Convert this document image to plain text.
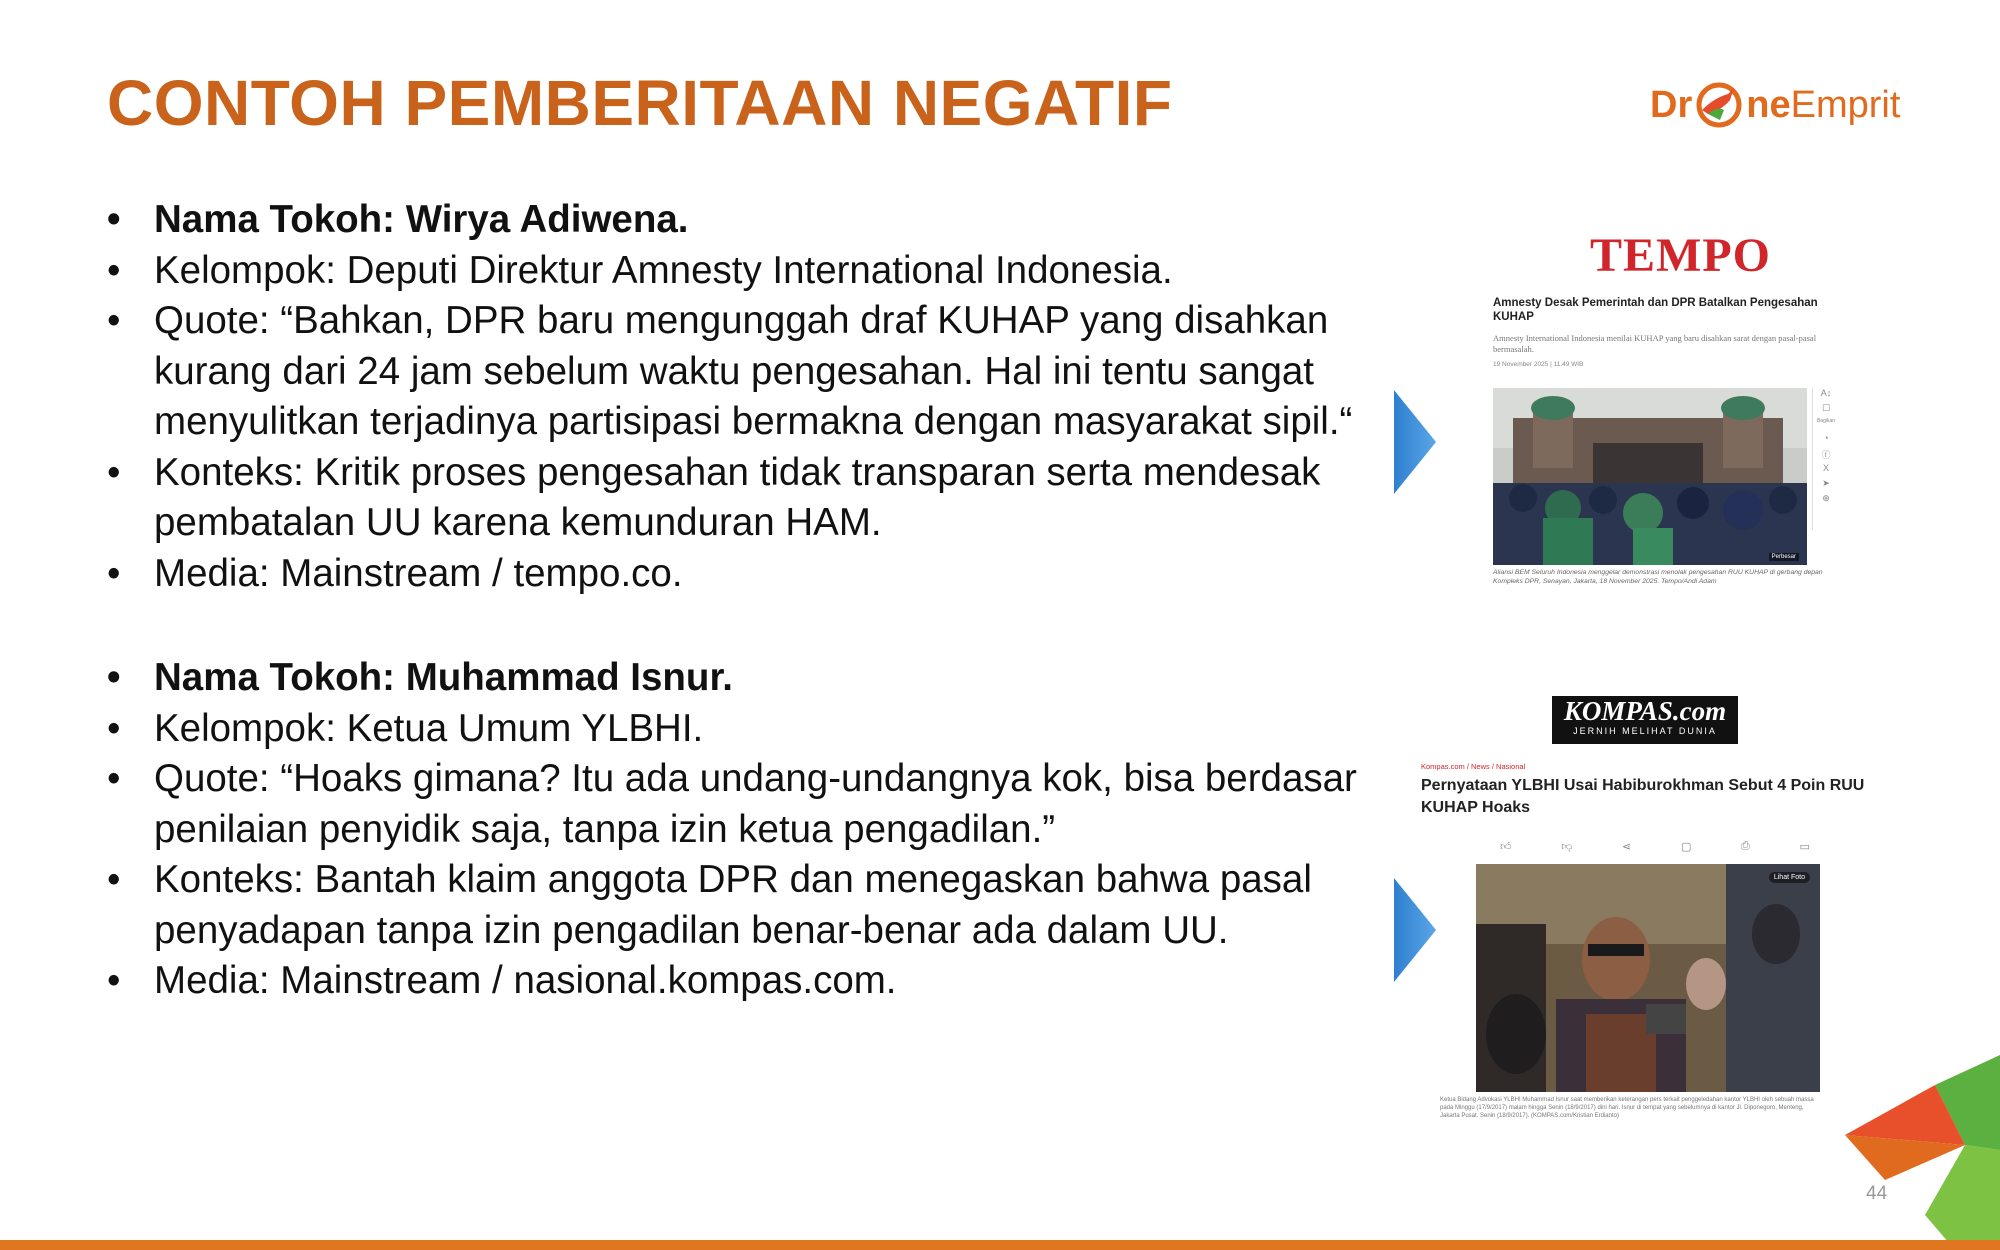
CONTOH PEMBERITAAN NEGATIF	Dr ne Emprit
• Nama Tokoh: Wirya Adiwena.
• Kelompok: Deputi Direktur Amnesty International Indonesia.
• Quote: “Bahkan, DPR baru mengunggah draf KUHAP yang disahkan kurang dari 24 jam sebelum waktu pengesahan. Hal ini tentu sangat menyulitkan terjadinya partisipasi bermakna dengan masyarakat sipil.“
• Konteks: Kritik proses pengesahan tidak transparan serta mendesak pembatalan UU karena kemunduran HAM.
• Media: Mainstream / tempo.co.
• Nama Tokoh: Muhammad Isnur.
• Kelompok: Ketua Umum YLBHI.
• Quote: “Hoaks gimana? Itu ada undang-undangnya kok, bisa berdasar penilaian penyidik saja, tanpa izin ketua pengadilan.”
• Konteks: Bantah klaim anggota DPR dan menegaskan bahwa pasal penyadapan tanpa izin pengadilan benar-benar ada dalam UU.
• Media: Mainstream / nasional.kompas.com.
TEMPO
Amnesty Desak Pemerintah dan DPR Batalkan Pengesahan KUHAP
Amnesty International Indonesia menilai KUHAP yang baru disahkan sarat dengan pasal-pasal bermasalah.
19 November 2025 | 11.49 WIB
Perbesar
A↕
☐
Bagikan
◔
ⓕ
X
➤
⊕
Aliansi BEM Seluruh Indonesia menggelar demonstrasi menolak pengesahan RUU KUHAP di gerbang depan Kompleks DPR, Senayan, Jakarta, 18 November 2025. Tempo/Andi Adam
KOMPAS.com
JERNIH MELIHAT DUNIA
Kompas.com / News / Nasional
Pernyataan YLBHI Usai Habiburokhman Sebut 4 Poin RUU KUHAP Hoaks
👍︎	👎︎	⋖	▢	⎙	▭
Lihat Foto
Ketua Bidang Advokasi YLBHI Muhammad Isnur saat memberikan keterangan pers terkait penggeledahan kantor YLBHI oleh sebuah massa pada Minggu (17/9/2017) malam hingga Senin (18/9/2017) dini hari. Isnur di tempat yang sebelumnya di kantor Jl. Diponegoro, Menteng, Jakarta Pusat. Senin (18/9/2017). (KOMPAS.com/Kristian Erdianto)
44
